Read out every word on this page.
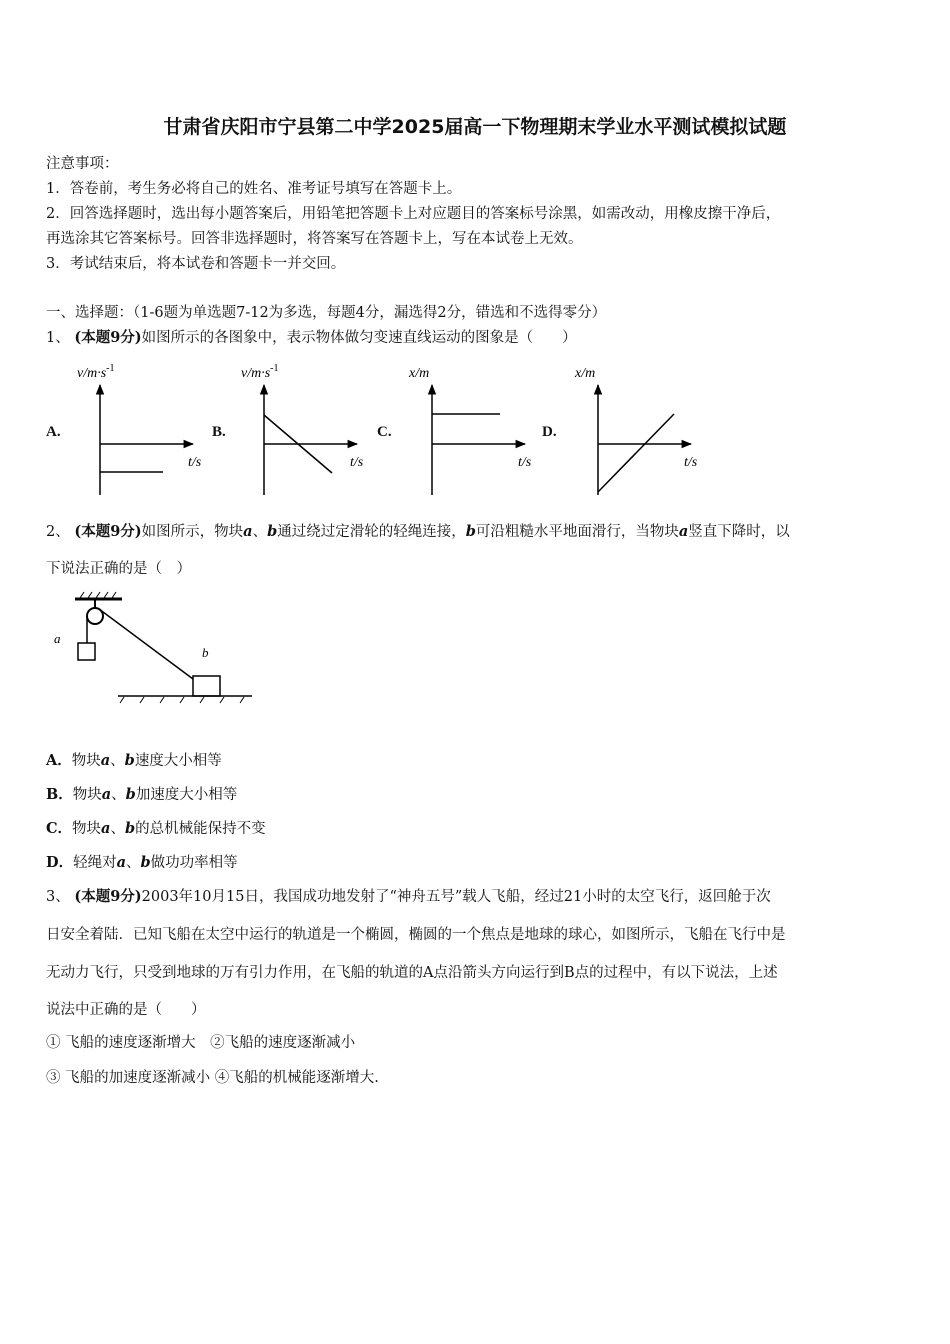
甘肃省庆阳市宁县第二中学2025届高一下物理期末学业水平测试模拟试题
注意事项：
1．答卷前，考生务必将自己的姓名、准考证号填写在答题卡上。
2．回答选择题时，选出每小题答案后，用铅笔把答题卡上对应题目的答案标号涂黑，如需改动，用橡皮擦干净后，
再选涂其它答案标号。回答非选择题时，将答案写在答题卡上，写在本试卷上无效。
3．考试结束后，将本试卷和答题卡一并交回。
一、选择题：（1-6题为单选题7-12为多选，每题4分，漏选得2分，错选和不选得零分）
1、 (本题9分)如图所示的各图象中，表示物体做匀变速直线运动的图象是（　　）
A.	B.	C.	D.
$v/m\cdot s^{-1}$
t/s
$v/m\cdot s^{-1}$
t/s
x/m
t/s
x/m
t/s
2、 (本题9分)如图所示，物块a、b通过绕过定滑轮的轻绳连接，b可沿粗糙水平地面滑行，当物块a竖直下降时，以
下说法正确的是（　）
a
b
A．物块a、b速度大小相等
B．物块a、b加速度大小相等
C．物块a、b的总机械能保持不变
D．轻绳对a、b做功功率相等
3、 (本题9分)2003年10月15日，我国成功地发射了“神舟五号”载人飞船，经过21小时的太空飞行，返回舱于次
日安全着陆．已知飞船在太空中运行的轨道是一个椭圆，椭圆的一个焦点是地球的球心，如图所示，飞船在飞行中是
无动力飞行，只受到地球的万有引力作用，在飞船的轨道的A点沿箭头方向运行到B点的过程中，有以下说法，上述
说法中正确的是（　　）
① 飞船的速度逐渐增大　②飞船的速度逐渐减小
③ 飞船的加速度逐渐减小 ④飞船的机械能逐渐增大.
